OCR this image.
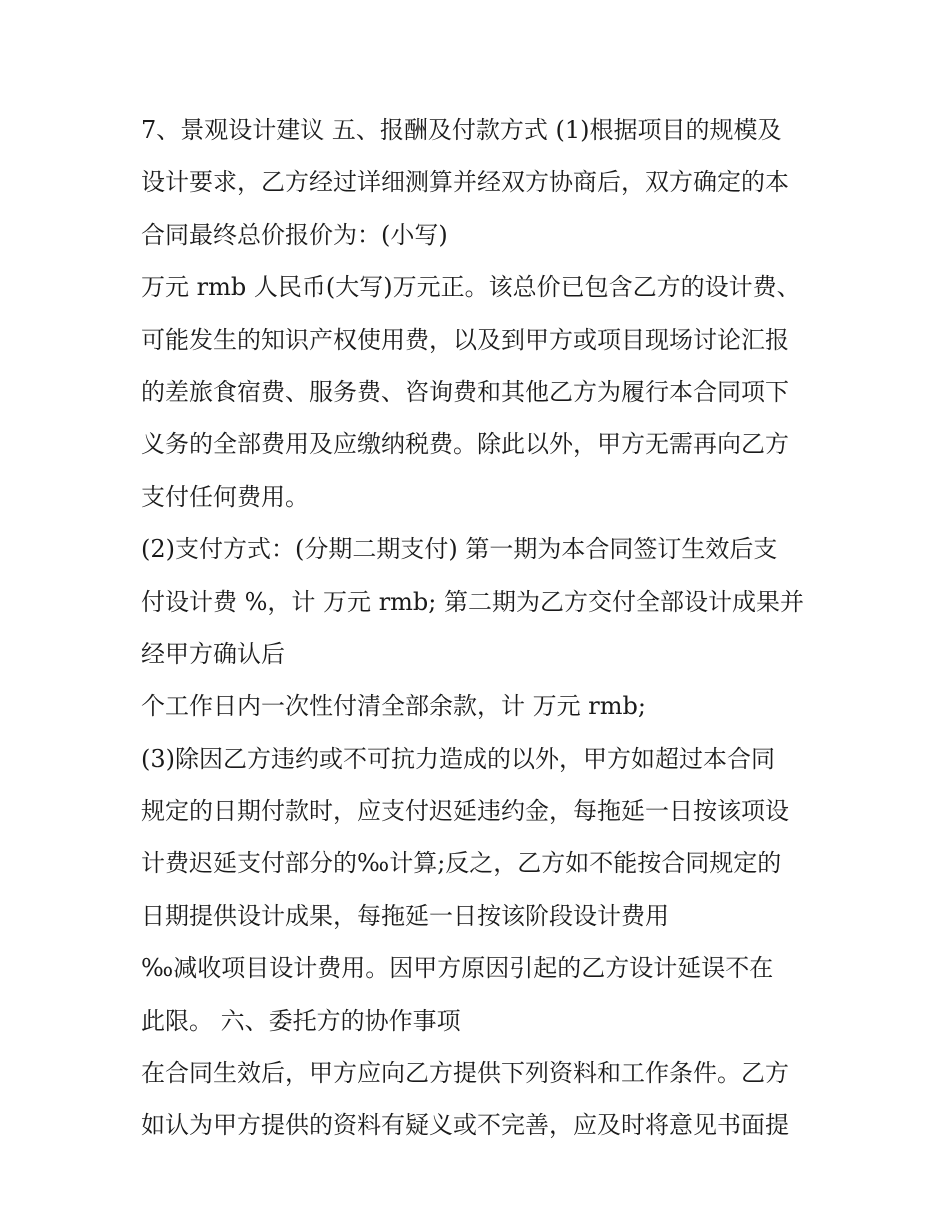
7、景观设计建议 五、报酬及付款方式 (1)根据项目的规模及
设计要求，乙方经过详细测算并经双方协商后，双方确定的本
合同最终总价报价为：(小写)
万元 rmb 人民币(大写)万元正。该总价已包含乙方的设计费、
可能发生的知识产权使用费，以及到甲方或项目现场讨论汇报
的差旅食宿费、服务费、咨询费和其他乙方为履行本合同项下
义务的全部费用及应缴纳税费。除此以外，甲方无需再向乙方
支付任何费用。
(2)支付方式：(分期二期支付) 第一期为本合同签订生效后支
付设计费 %，计 万元 rmb; 第二期为乙方交付全部设计成果并
经甲方确认后
个工作日内一次性付清全部余款，计 万元 rmb;
(3)除因乙方违约或不可抗力造成的以外，甲方如超过本合同
规定的日期付款时，应支付迟延违约金，每拖延一日按该项设
计费迟延支付部分的‰计算;反之，乙方如不能按合同规定的
日期提供设计成果，每拖延一日按该阶段设计费用
‰减收项目设计费用。因甲方原因引起的乙方设计延误不在
此限。 六、委托方的协作事项
在合同生效后，甲方应向乙方提供下列资料和工作条件。乙方
如认为甲方提供的资料有疑义或不完善，应及时将意见书面提
